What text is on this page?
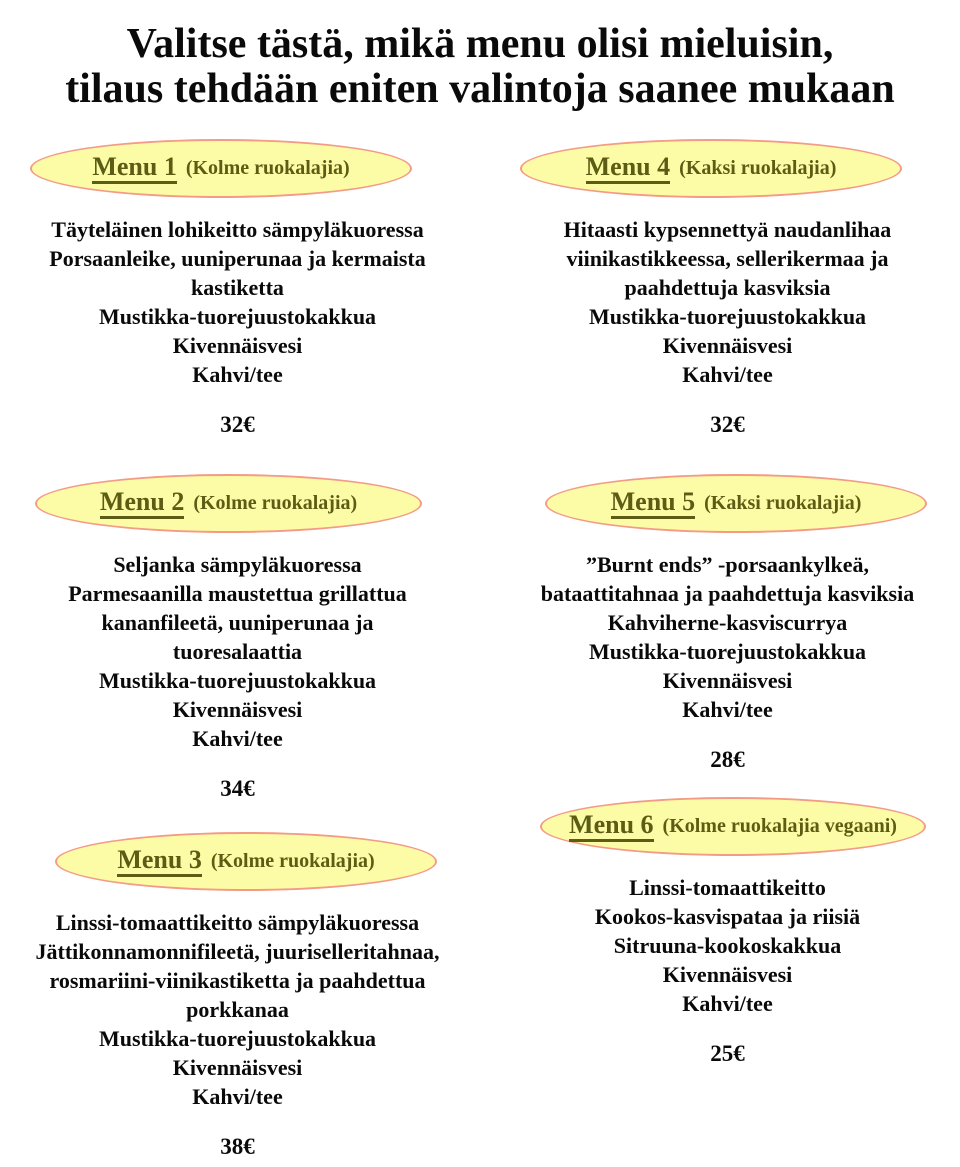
Valitse tästä, mikä menu olisi mieluisin,
tilaus tehdään eniten valintoja saanee mukaan
Menu 1 (Kolme ruokalajia)
Täyteläinen lohikeitto sämpyläkuoressa
Porsaanleike, uuniperunaa ja kermaista
kastiketta
Mustikka-tuorejuustokakkua
Kivennäisvesi
Kahvi/tee
32€
Menu 4 (Kaksi ruokalajia)
Hitaasti kypsennettyä naudanlihaa
viinikastikkeessa, sellerikermaa ja
paahdettuja kasviksia
Mustikka-tuorejuustokakkua
Kivennäisvesi
Kahvi/tee
32€
Menu 2 (Kolme ruokalajia)
Seljanka sämpyläkuoressa
Parmesaanilla maustettua grillattua
kananfileetä, uuniperunaa ja
tuoresalaattia
Mustikka-tuorejuustokakkua
Kivennäisvesi
Kahvi/tee
34€
Menu 5 (Kaksi ruokalajia)
”Burnt ends” -porsaankylkeä,
bataattitahnaa ja paahdettuja kasviksia
Kahviherne-kasviscurrya
Mustikka-tuorejuustokakkua
Kivennäisvesi
Kahvi/tee
28€
Menu 3 (Kolme ruokalajia)
Linssi-tomaattikeitto sämpyläkuoressa
Jättikonnamonnifileetä, juuriselleritahnaa,
rosmariini-viinikastiketta ja paahdettua
porkkanaa
Mustikka-tuorejuustokakkua
Kivennäisvesi
Kahvi/tee
38€
Menu 6 (Kolme ruokalajia vegaani)
Linssi-tomaattikeitto
Kookos-kasvispataa ja riisiä
Sitruuna-kookoskakkua
Kivennäisvesi
Kahvi/tee
25€
